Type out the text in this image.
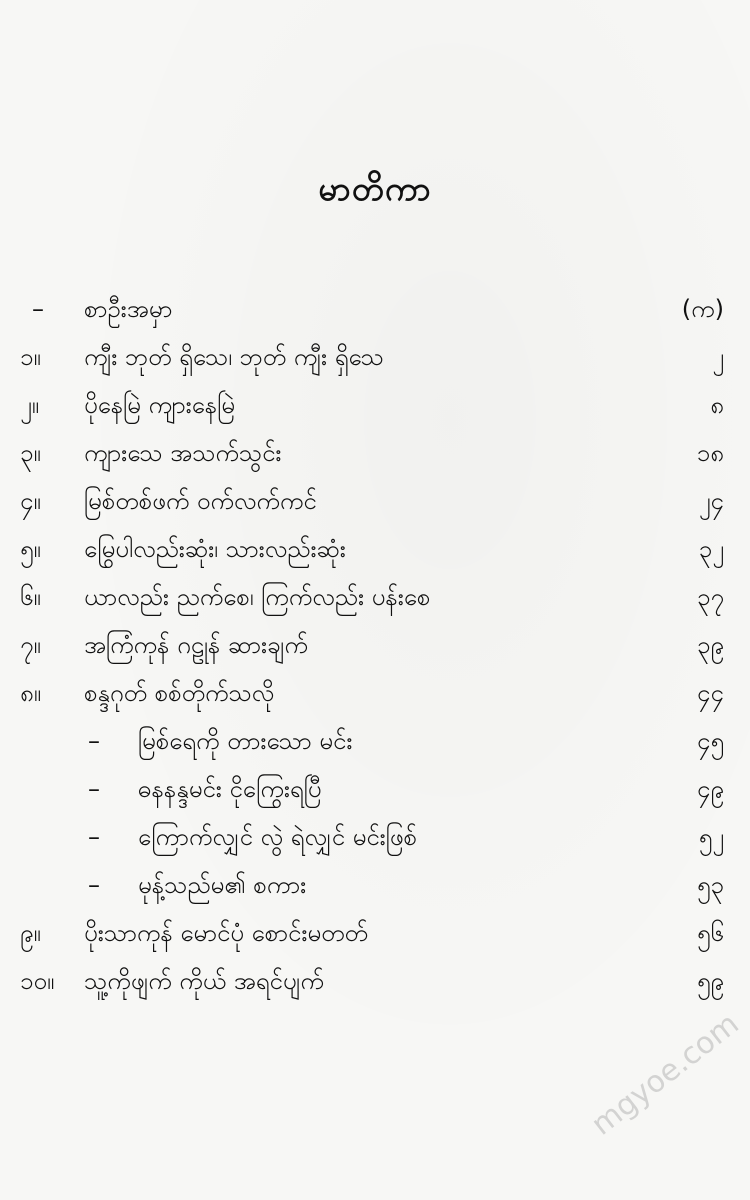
မာတိကာ
– စာဦးအမှာ	(က)
၁။	ကျီး ဘုတ် ရှိသေ၊ ဘုတ် ကျီး ရှိသေ	၂
၂။	ပိုနေမြဲ ကျားနေမြဲ	၈
၃။	ကျားသေ အသက်သွင်း	၁၈
၄။	မြစ်တစ်ဖက် ဝက်လက်ကင်	၂၄
၅။	မြွေပါလည်းဆုံး၊ သားလည်းဆုံး	၃၂
၆။	ယာလည်း ညက်စေ၊ ကြက်လည်း ပန်းစေ	၃၇
၇။	အကြံကုန် ဂဠုန် ဆားချက်	၃၉
၈။	စန္ဒဂုတ် စစ်တိုက်သလို	၄၄
– မြစ်ရေကို တားသော မင်း	၄၅
– ဓနနန္ဒမင်း ငိုကြွေးရပြီ	၄၉
– ကြောက်လျှင် လွဲ ရဲလျှင် မင်းဖြစ်	၅၂
– မုန့်သည်မ၏ စကား	၅၃
၉။	ပိုးသာကုန် မောင်ပုံ စောင်းမတတ်	၅၆
၁၀။	သူ့ကိုဖျက် ကိုယ် အရင်ပျက်	၅၉
mgyoe.com
